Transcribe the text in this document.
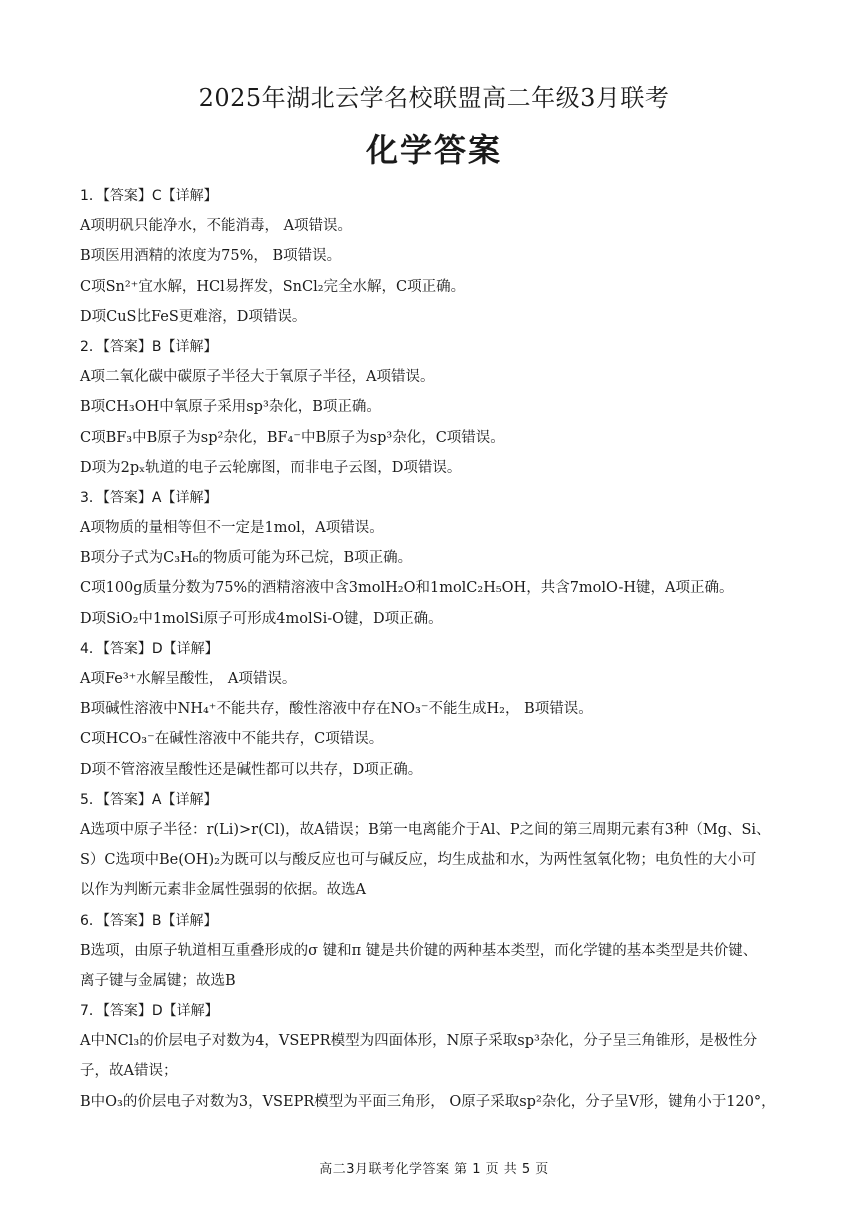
2025年湖北云学名校联盟高二年级3月联考
化学答案
1．【答案】C【详解】
A项明矾只能净水，不能消毒， A项错误。
B项医用酒精的浓度为75%， B项错误。
C项Sn²⁺宜水解，HCl易挥发，SnCl₂完全水解，C项正确。
D项CuS比FeS更难溶，D项错误。
2．【答案】B【详解】
A项二氧化碳中碳原子半径大于氧原子半径，A项错误。
B项CH₃OH中氧原子采用sp³杂化，B项正确。
C项BF₃中B原子为sp²杂化，BF₄⁻中B原子为sp³杂化，C项错误。
D项为2pₓ轨道的电子云轮廓图，而非电子云图，D项错误。
3．【答案】A【详解】
A项物质的量相等但不一定是1mol，A项错误。
B项分子式为C₃H₆的物质可能为环己烷，B项正确。
C项100g质量分数为75%的酒精溶液中含3molH₂O和1molC₂H₅OH，共含7molO-H键，A项正确。
D项SiO₂中1molSi原子可形成4molSi-O键，D项正确。
4．【答案】D【详解】
A项Fe³⁺水解呈酸性， A项错误。
B项碱性溶液中NH₄⁺不能共存，酸性溶液中存在NO₃⁻不能生成H₂， B项错误。
C项HCO₃⁻在碱性溶液中不能共存，C项错误。
D项不管溶液呈酸性还是碱性都可以共存，D项正确。
5．【答案】A【详解】
A选项中原子半径：r(Li)>r(Cl)，故A错误；B第一电离能介于Al、P之间的第三周期元素有3种（Mg、Si、
S）C选项中Be(OH)₂为既可以与酸反应也可与碱反应，均生成盐和水，为两性氢氧化物；电负性的大小可
以作为判断元素非金属性强弱的依据。故选A
6．【答案】B【详解】
B选项，由原子轨道相互重叠形成的σ 键和π 键是共价键的两种基本类型，而化学键的基本类型是共价键、
离子键与金属键；故选B
7．【答案】D【详解】
A中NCl₃的价层电子对数为4，VSEPR模型为四面体形，N原子采取sp³杂化，分子呈三角锥形，是极性分
子，故A错误；
B中O₃的价层电子对数为3，VSEPR模型为平面三角形， O原子采取sp²杂化，分子呈V形，键角小于120°，
高二3月联考化学答案 第 1 页 共 5 页
